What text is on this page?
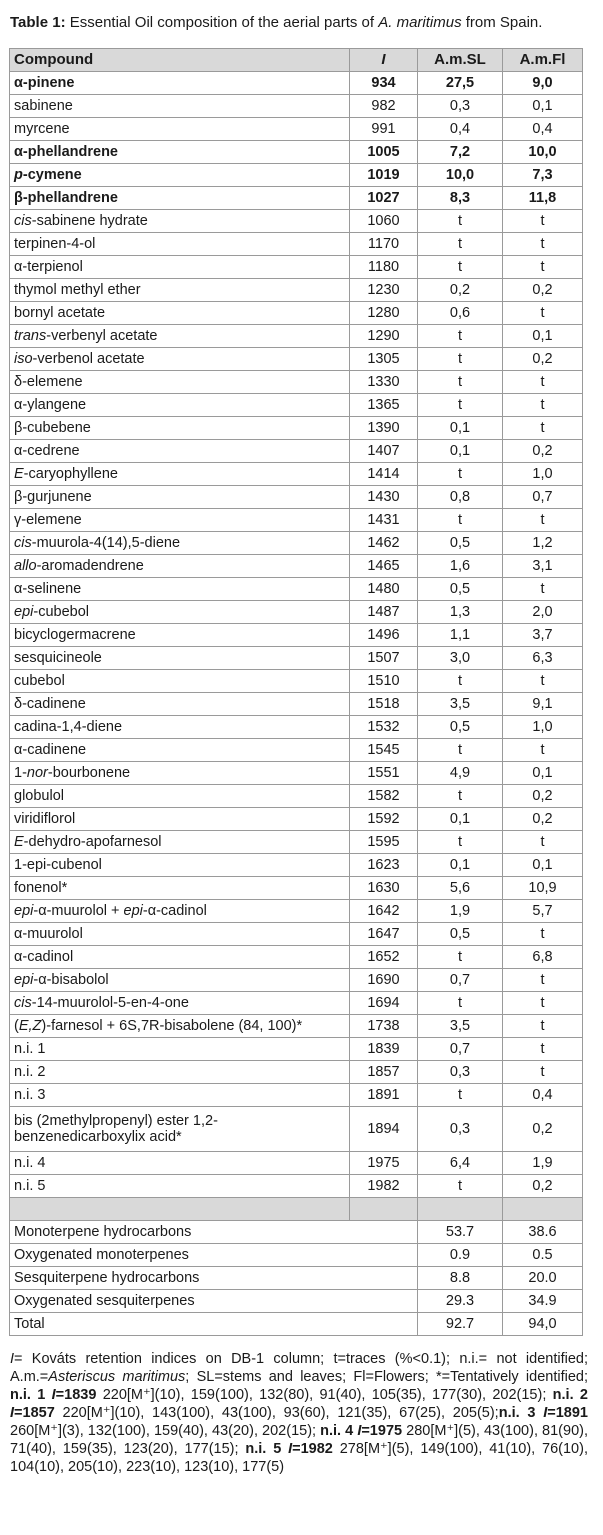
Table 1: Essential Oil composition of the aerial parts of A. maritimus from Spain.
Compound	I	A.m.SL	A.m.Fl
α-pinene	934	27,5	9,0
sabinene	982	0,3	0,1
myrcene	991	0,4	0,4
α-phellandrene	1005	7,2	10,0
p-cymene	1019	10,0	7,3
β-phellandrene	1027	8,3	11,8
cis-sabinene hydrate	1060	t	t
terpinen-4-ol	1170	t	t
α-terpienol	1180	t	t
thymol methyl ether	1230	0,2	0,2
bornyl acetate	1280	0,6	t
trans-verbenyl acetate	1290	t	0,1
iso-verbenol acetate	1305	t	0,2
δ-elemene	1330	t	t
α-ylangene	1365	t	t
β-cubebene	1390	0,1	t
α-cedrene	1407	0,1	0,2
E-caryophyllene	1414	t	1,0
β-gurjunene	1430	0,8	0,7
γ-elemene	1431	t	t
cis-muurola-4(14),5-diene	1462	0,5	1,2
allo-aromadendrene	1465	1,6	3,1
α-selinene	1480	0,5	t
epi-cubebol	1487	1,3	2,0
bicyclogermacrene	1496	1,1	3,7
sesquicineole	1507	3,0	6,3
cubebol	1510	t	t
δ-cadinene	1518	3,5	9,1
cadina-1,4-diene	1532	0,5	1,0
α-cadinene	1545	t	t
1-nor-bourbonene	1551	4,9	0,1
globulol	1582	t	0,2
viridiflorol	1592	0,1	0,2
E-dehydro-apofarnesol	1595	t	t
1-epi-cubenol	1623	0,1	0,1
fonenol*	1630	5,6	10,9
epi-α-muurolol + epi-α-cadinol	1642	1,9	5,7
α-muurolol	1647	0,5	t
α-cadinol	1652	t	6,8
epi-α-bisabolol	1690	0,7	t
cis-14-muurolol-5-en-4-one	1694	t	t
(E,Z)-farnesol + 6S,7R-bisabolene (84, 100)*	1738	3,5	t
n.i. 1	1839	0,7	t
n.i. 2	1857	0,3	t
n.i. 3	1891	t	0,4
bis (2methylpropenyl) ester 1,2-benzenedicarboxylix acid*	1894	0,3	0,2
n.i. 4	1975	6,4	1,9
n.i. 5	1982	t	0,2

Monoterpene hydrocarbons		53.7	38.6
Oxygenated monoterpenes		0.9	0.5
Sesquiterpene hydrocarbons		8.8	20.0
Oxygenated sesquiterpenes		29.3	34.9
Total		92.7	94,0
I= Kováts retention indices on DB-1 column; t=traces (%<0.1); n.i.= not identified; A.m.=Asteriscus maritimus; SL=stems and leaves; Fl=Flowers; *=Tentatively identified; n.i. 1 I=1839 220[M⁺](10), 159(100), 132(80), 91(40), 105(35), 177(30), 202(15); n.i. 2 I=1857 220[M⁺](10), 143(100), 43(100), 93(60), 121(35), 67(25), 205(5);n.i. 3 I=1891 260[M⁺](3), 132(100), 159(40), 43(20), 202(15); n.i. 4 I=1975 280[M⁺](5), 43(100), 81(90), 71(40), 159(35), 123(20), 177(15); n.i. 5 I=1982 278[M⁺](5), 149(100), 41(10), 76(10), 104(10), 205(10), 223(10), 123(10), 177(5)
